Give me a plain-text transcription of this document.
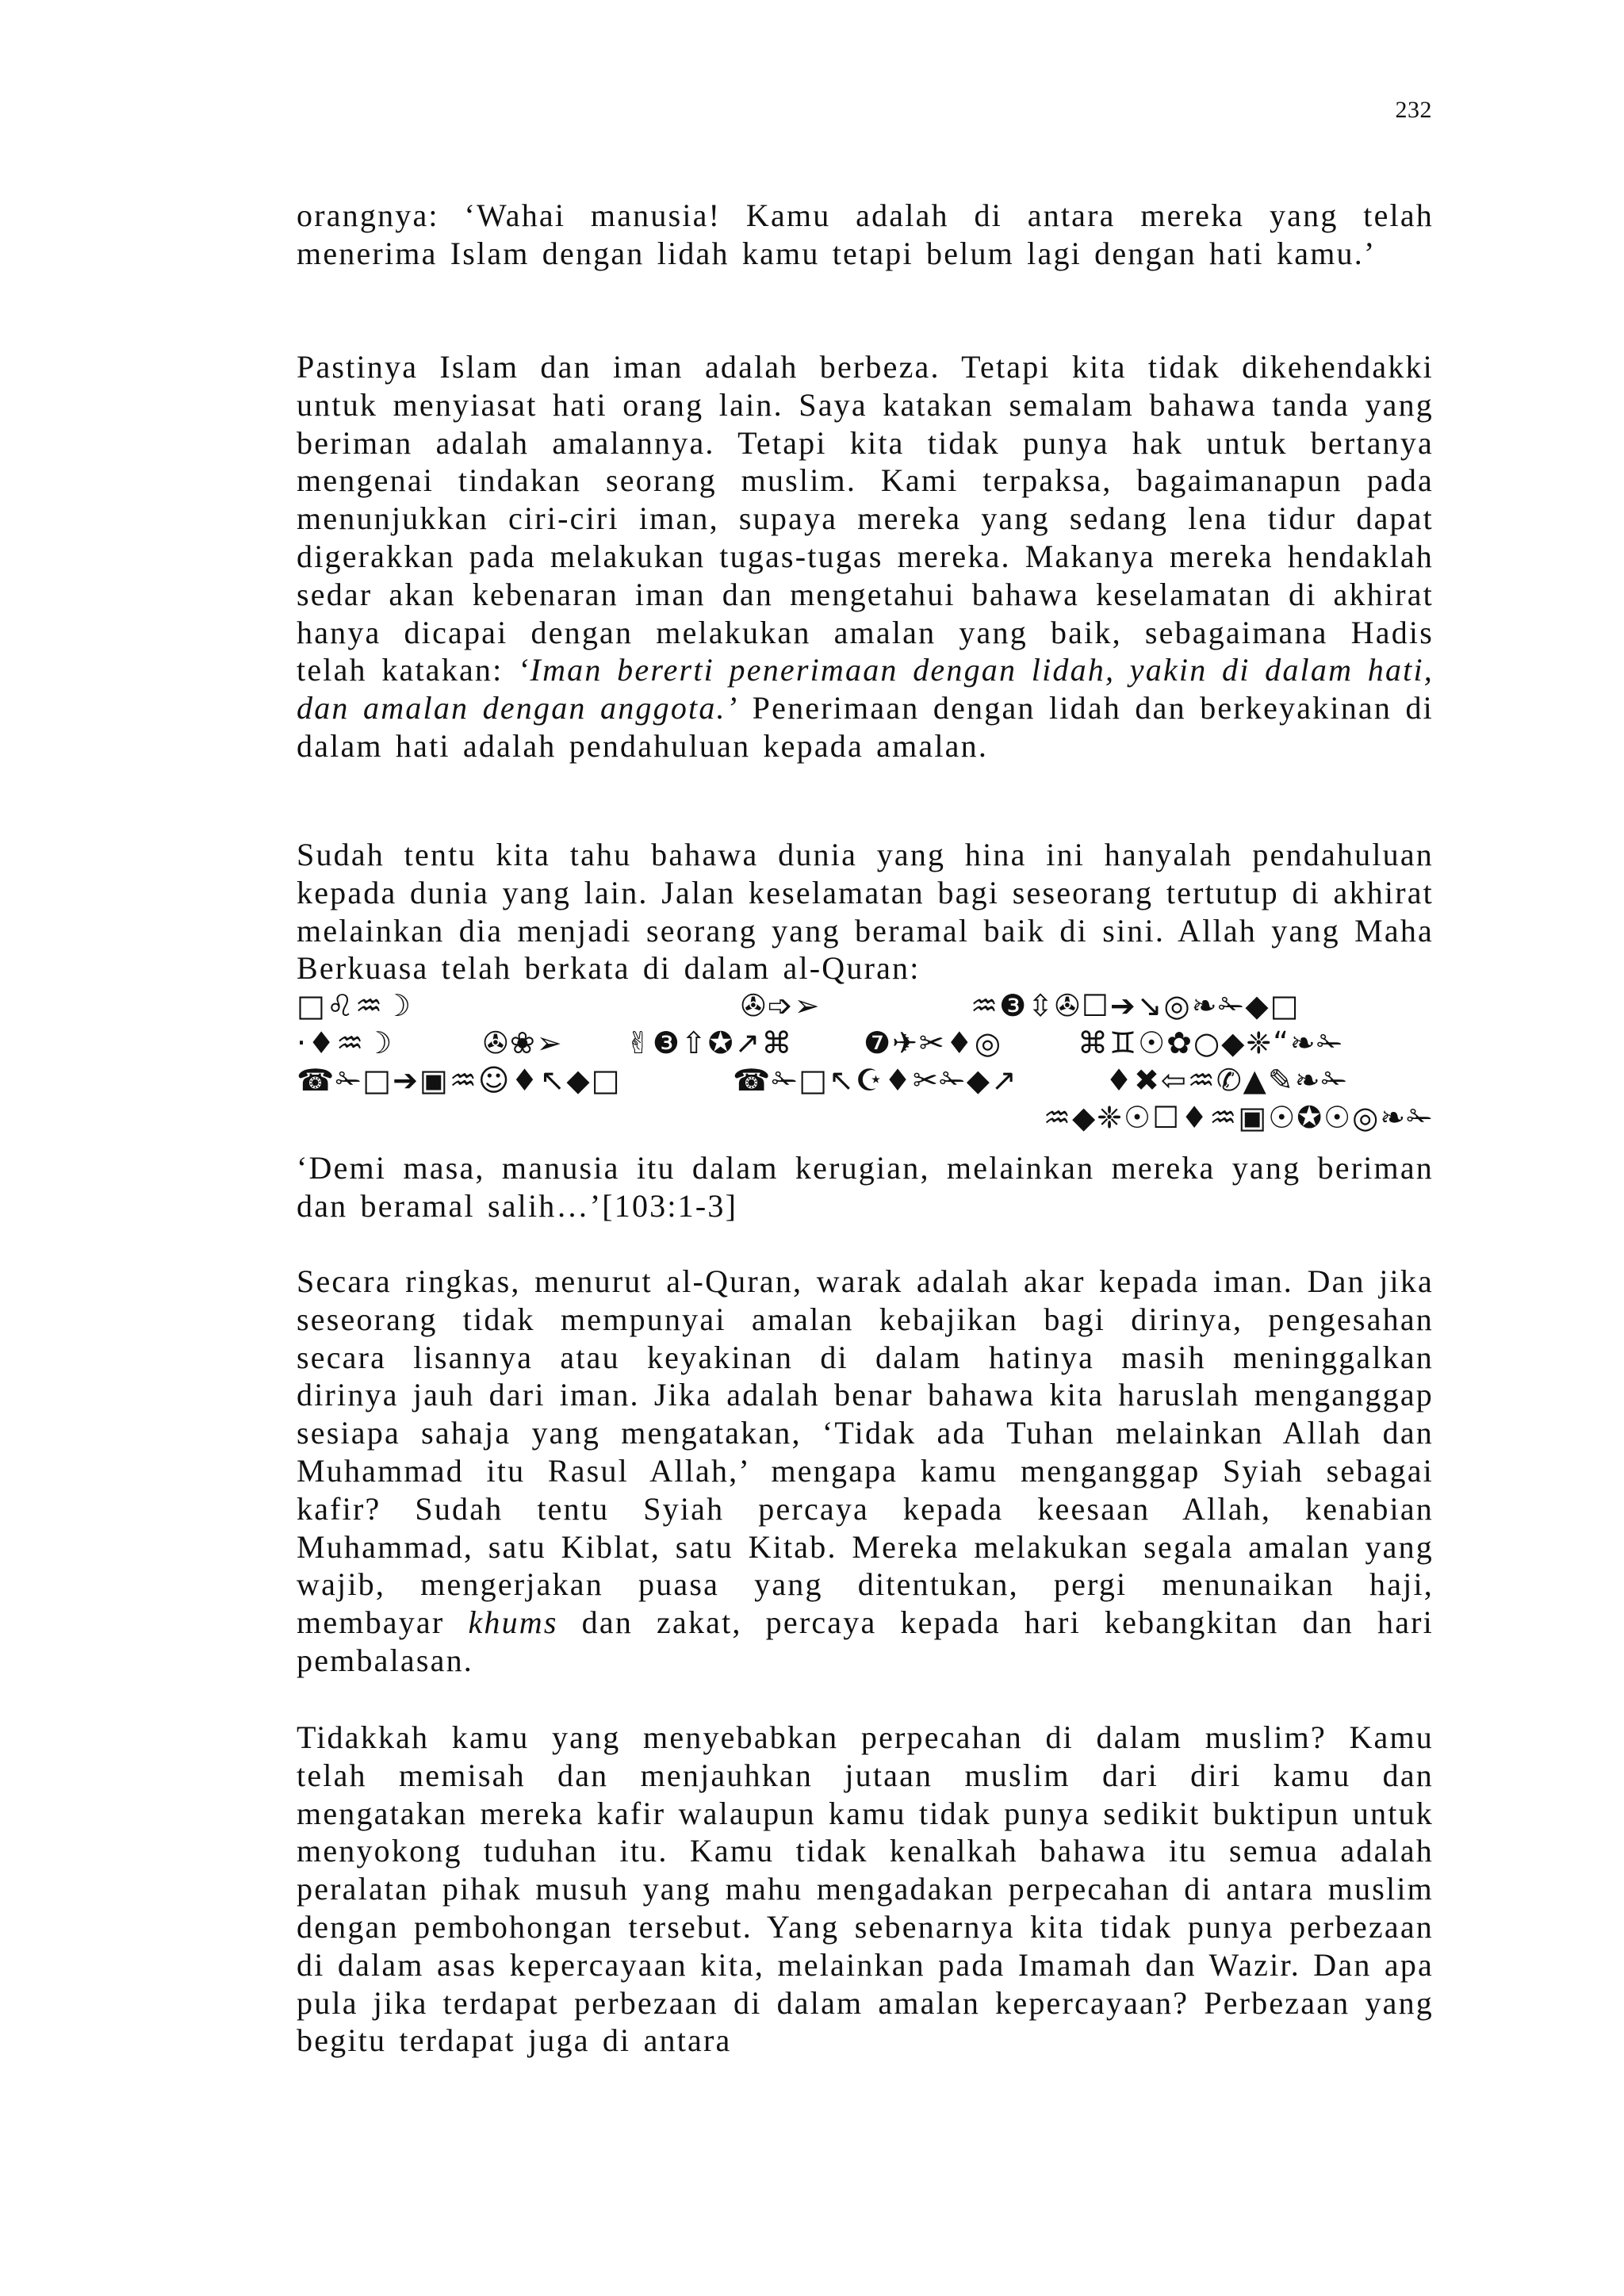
232

orangnya: ‘Wahai manusia! Kamu adalah di antara mereka yang telah menerima Islam dengan lidah kamu tetapi belum lagi dengan hati kamu.’

Pastinya Islam dan iman adalah berbeza. Tetapi kita tidak dikehendakki untuk menyiasat hati orang lain. Saya katakan semalam bahawa tanda yang beriman adalah amalannya. Tetapi kita tidak punya hak untuk bertanya mengenai tindakan seorang muslim. Kami terpaksa, bagaimanapun pada menunjukkan ciri-ciri iman, supaya mereka yang sedang lena tidur dapat digerakkan pada melakukan tugas-tugas mereka. Makanya mereka hendaklah sedar akan kebenaran iman dan mengetahui bahawa keselamatan di akhirat hanya dicapai dengan melakukan amalan yang baik, sebagaimana Hadis telah katakan: ‘Iman bererti penerimaan dengan lidah, yakin di dalam hati, dan amalan dengan anggota.’ Penerimaan dengan lidah dan berkeyakinan di dalam hati adalah pendahuluan kepada amalan.

Sudah tentu kita tahu bahawa dunia yang hina ini hanyalah pendahuluan kepada dunia yang lain. Jalan keselamatan bagi seseorang tertutup di akhirat melainkan dia menjadi seorang yang beramal baik di sini. Allah yang Maha Berkuasa telah berkata di dalam al-Quran:

□♌♒☽	✇➩➢	♒❸⇳✇☐➔↘◎❧✁◆□
·♦♒☽	✇❀➢ ✌❸⇧✪↗⌘ ❼✈✂♦◎	⌘♊☉✿○◆❈“❧✁
☎✁□➔▣♒☺♦↖◆□	☎✁□↖☪♦✂✁◆↗	♦✖⇦♒✆▲✎❧✁
♒◆❈☉☐♦♒▣☉✪☉◎❧✁

‘Demi masa, manusia itu dalam kerugian, melainkan mereka yang beriman dan beramal salih…’[103:1-3]

Secara ringkas, menurut al-Quran, warak adalah akar kepada iman. Dan jika seseorang tidak mempunyai amalan kebajikan bagi dirinya, pengesahan secara lisannya atau keyakinan di dalam hatinya masih meninggalkan dirinya jauh dari iman. Jika adalah benar bahawa kita haruslah menganggap sesiapa sahaja yang mengatakan, ‘Tidak ada Tuhan melainkan Allah dan Muhammad itu Rasul Allah,’ mengapa kamu menganggap Syiah sebagai kafir? Sudah tentu Syiah percaya kepada keesaan Allah, kenabian Muhammad, satu Kiblat, satu Kitab. Mereka melakukan segala amalan yang wajib, mengerjakan puasa yang ditentukan, pergi menunaikan haji, membayar khums dan zakat, percaya kepada hari kebangkitan dan hari pembalasan.

Tidakkah kamu yang menyebabkan perpecahan di dalam muslim? Kamu telah memisah dan menjauhkan jutaan muslim dari diri kamu dan mengatakan mereka kafir walaupun kamu tidak punya sedikit buktipun untuk menyokong tuduhan itu. Kamu tidak kenalkah bahawa itu semua adalah peralatan pihak musuh yang mahu mengadakan perpecahan di antara muslim dengan pembohongan tersebut. Yang sebenarnya kita tidak punya perbezaan di dalam asas kepercayaan kita, melainkan pada Imamah dan Wazir. Dan apa pula jika terdapat perbezaan di dalam amalan kepercayaan? Perbezaan yang begitu terdapat juga di antara
